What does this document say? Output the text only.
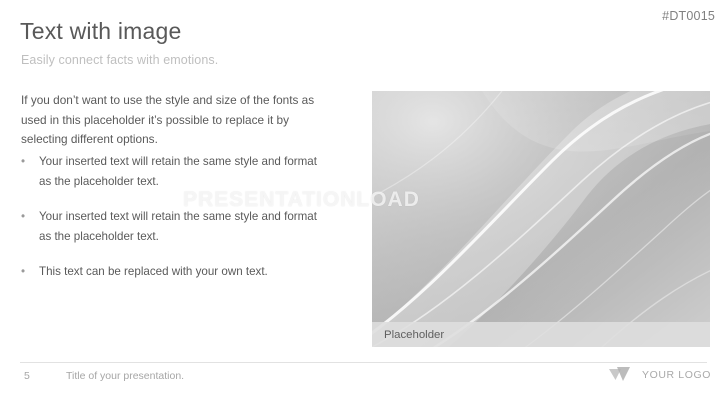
#DT0015
Text with image
Easily connect facts with emotions.
If you don’t want to use the style and size of the fonts as used in this placeholder it’s possible to replace it by selecting different options.
• Your inserted text will retain the same style and format as the placeholder text.
• Your inserted text will retain the same style and format as the placeholder text.
• This text can be replaced with your own text.
Placeholder
PRESENTATIONLOAD
5	Title of your presentation.	YOUR LOGO
